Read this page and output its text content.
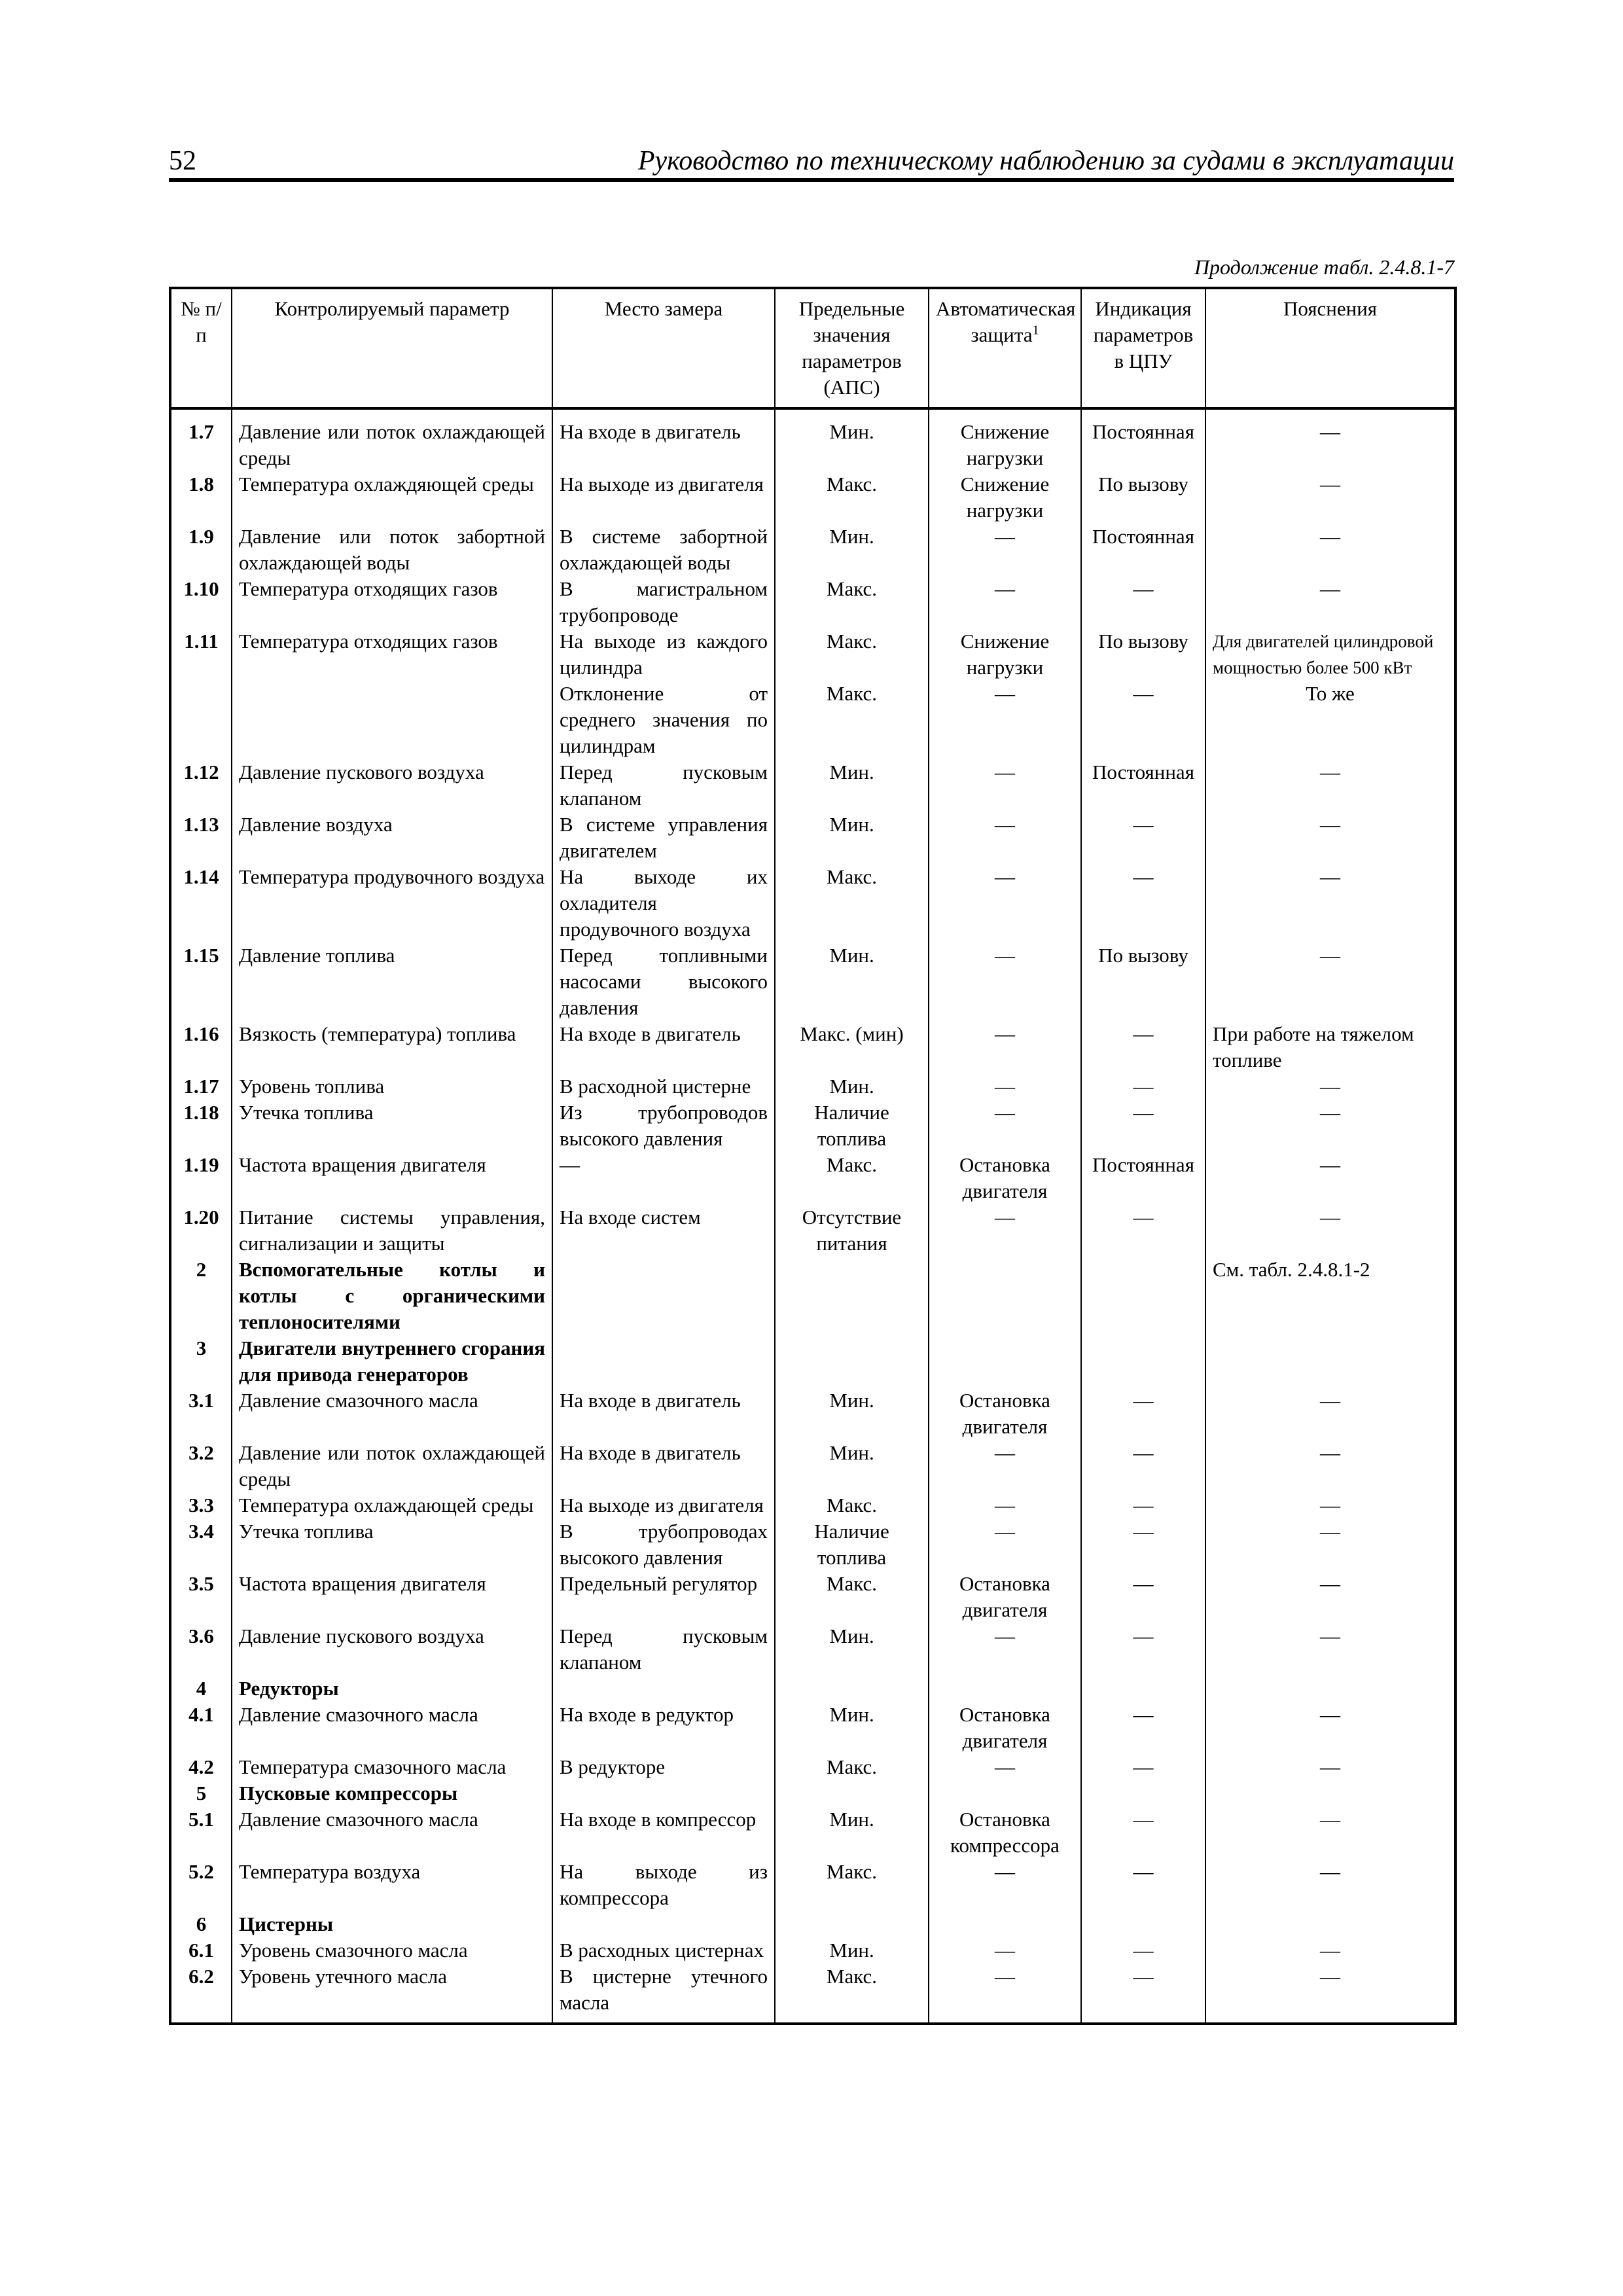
52	Руководство по техническому наблюдению за судами в эксплуатации
Продолжение табл. 2.4.8.1-7
№ п/п	Контролируемый параметр	Место замера	Предельные значения параметров (АПС)	Автоматическая защита$^1$	Индикация параметров в ЦПУ	Пояснения
1.7	Давление или поток охлаждающей среды	На входе в двигатель	Мин.	Снижение нагрузки	Постоянная	—
1.8	Температура охлаждяющей среды	На выходе из двигателя	Макс.	Снижение нагрузки	По вызову	—
1.9	Давление или поток забортной охлаждающей воды	В системе забортной охлаждающей воды	Мин.	—	Постоянная	—
1.10	Температура отходящих газов	В магистральном трубопроводе	Макс.	—	—	—
1.11	Температура отходящих газов	На выходе из каждого цилиндра	Макс.	Снижение нагрузки	По вызову	Для двигателей цилиндровой мощностью более 500 кВт
		Отклонение от среднего значения по цилиндрам	Макс.	—	—	То же
1.12	Давление пускового воздуха	Перед пусковым клапаном	Мин.	—	Постоянная	—
1.13	Давление воздуха	В системе управления двигателем	Мин.	—	—	—
1.14	Температура продувочного воздуха	На выходе их охладителя продувочного воздуха	Макс.	—	—	—
1.15	Давление топлива	Перед топливными насосами высокого давления	Мин.	—	По вызову	—
1.16	Вязкость (температура) топлива	На входе в двигатель	Макс. (мин)	—	—	При работе на тяжелом топливе
1.17	Уровень топлива	В расходной цистерне	Мин.	—	—	—
1.18	Утечка топлива	Из трубопроводов высокого давления	Наличие топлива	—	—	—
1.19	Частота вращения двигателя	—	Макс.	Остановка двигателя	Постоянная	—
1.20	Питание системы управления, сигнализации и защиты	На входе систем	Отсутствие питания	—	—	—
2	Вспомогательные котлы и котлы с органическими теплоносителями					См. табл. 2.4.8.1-2
3	Двигатели внутреннего сгорания для привода генераторов					
3.1	Давление смазочного масла	На входе в двигатель	Мин.	Остановка двигателя	—	—
3.2	Давление или поток охлаждающей среды	На входе в двигатель	Мин.	—	—	—
3.3	Температура охлаждающей среды	На выходе из двигателя	Макс.	—	—	—
3.4	Утечка топлива	В трубопроводах высокого давления	Наличие топлива	—	—	—
3.5	Частота вращения двигателя	Предельный регулятор	Макс.	Остановка двигателя	—	—
3.6	Давление пускового воздуха	Перед пусковым клапаном	Мин.	—	—	—
4	Редукторы					
4.1	Давление смазочного масла	На входе в редуктор	Мин.	Остановка двигателя	—	—
4.2	Температура смазочного масла	В редукторе	Макс.	—	—	—
5	Пусковые компрессоры					
5.1	Давление смазочного масла	На входе в компрессор	Мин.	Остановка компрессора	—	—
5.2	Температура воздуха	На выходе из компрессора	Макс.	—	—	—
6	Цистерны					
6.1	Уровень смазочного масла	В расходных цистернах	Мин.	—	—	—
6.2	Уровень утечного масла	В цистерне утечного масла	Макс.	—	—	—
